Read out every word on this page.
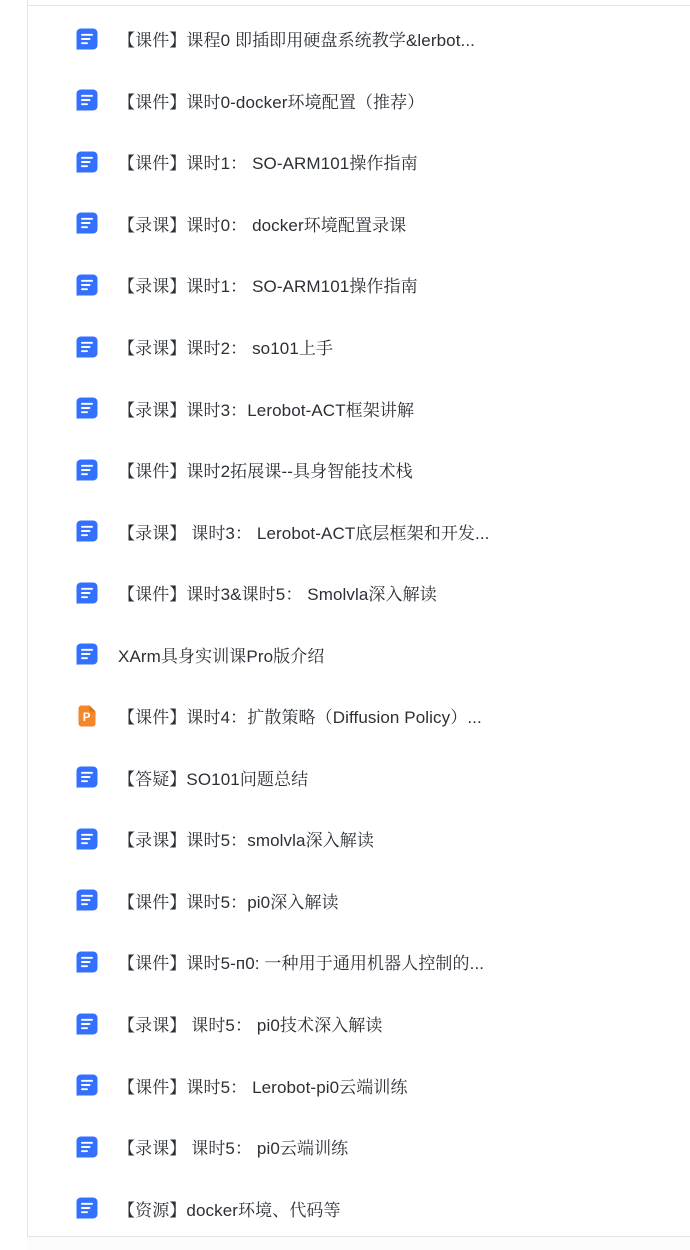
【课件】课程0 即插即用硬盘系统教学&lerbot...
【课件】课时0-docker环境配置（推荐）
【课件】课时1： SO-ARM101操作指南
【录课】课时0： docker环境配置录课
【录课】课时1： SO-ARM101操作指南
【录课】课时2： so101上手
【录课】课时3：Lerobot-ACT框架讲解
【课件】课时2拓展课--具身智能技术栈
【录课】 课时3： Lerobot-ACT底层框架和开发...
【课件】课时3&课时5： Smolvla深入解读
XArm具身实训课Pro版介绍
P 【课件】课时4：扩散策略（Diffusion Policy）...
【答疑】SO101问题总结
【录课】课时5：smolvla深入解读
【课件】课时5：pi0深入解读
【课件】课时5-п0: 一种用于通用机器人控制的...
【录课】 课时5： pi0技术深入解读
【课件】课时5： Lerobot-pi0云端训练
【录课】 课时5： pi0云端训练
【资源】docker环境、代码等
